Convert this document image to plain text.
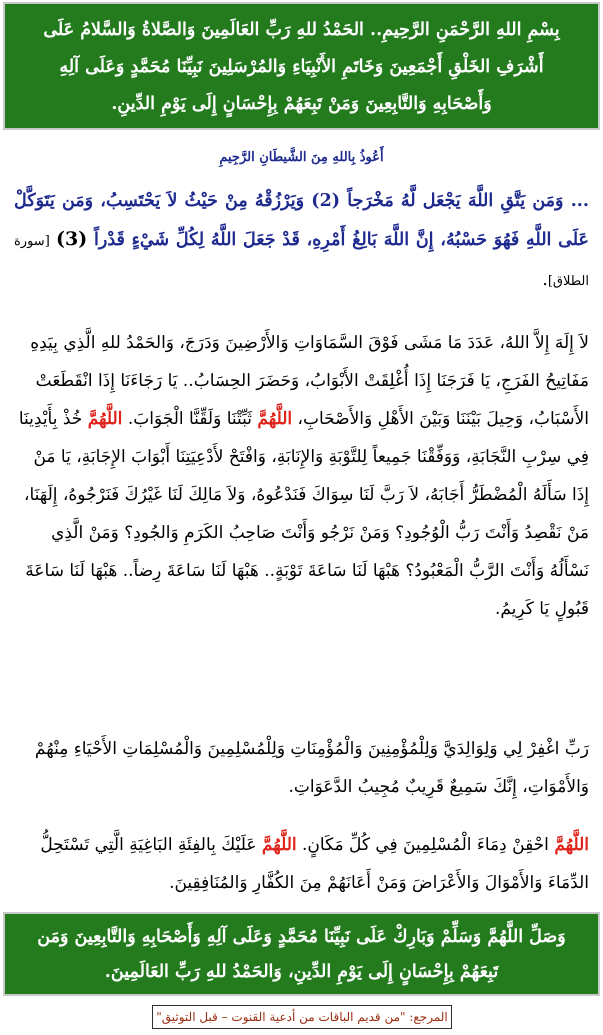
بِسْمِ اللهِ الرَّحْمَنِ الرَّحِيمِ.. الحَمْدُ للهِ رَبِّ العَالَمِينَ وَالصَّلاةُ وَالسَّلامُ عَلَى
أَشْرَفِ الخَلْقِ أَجْمَعِينَ وَخَاتَمِ الأَنْبِيَاءِ وَالمُرْسَلِينَ نَبِيِّنَا مُحَمَّدٍ وَعَلَى آلِهِ
وَأَصْحَابِهِ وَالتَّابِعِينَ وَمَنْ تَبِعَهُمْ بِإِحْسَانٍ إِلَى يَوْمِ الدِّينِ.
أَعُوذُ بِاللهِ مِنَ الشَّيطَانِ الرَّجِيمِ
... وَمَن يَتَّقِ اللَّهَ يَجْعَل لَّهُ مَخْرَجاً (2) وَيَرْزُقْهُ مِنْ حَيْثُ لاَ يَحْتَسِبُ، وَمَن يَتَوَكَّلْ عَلَى اللَّهِ فَهُوَ حَسْبُهُ، إِنَّ اللَّهَ بَالِغُ أَمْرِهِ، قَدْ جَعَلَ اللَّهُ لِكُلِّ شَيْءٍ قَدْراً (3) [سورة الطلاق].
لاَ إِلَهَ إِلاَّ اللهُ، عَدَدَ مَا مَشَى فَوْقَ السَّمَاوَاتِ وَالأَرْضِينَ وَدَرَجَ، وَالحَمْدُ للهِ الَّذِي بِيَدِهِ مَفَاتِيحُ الفَرَجِ، يَا فَرَجَنَا إِذَا أُغْلِقَتْ الأَبْوَابُ، وَحَضَرَ الحِسَابُ.. يَا رَجَاءَنَا إِذَا انْقَطَعَتْ الأَسْبَابُ، وَحِيلَ بَيْنَنَا وَبَيْنَ الأَهْلِ وَالأَصْحَابِ، اللَّهُمَّ ثَبِّتْنَا وَلَقِّنَّا الْجَوَابَ. اللَّهُمَّ خُذْ بِأَيْدِينَا فِي سِرْبِ النَّجَابَةِ، وَوَفِّقْنَا جَمِيعاً لِلتَّوْبَةِ وَالإِنَابَةِ، وَافْتَحْ لأَدْعِيَتِنَا أَبْوَابَ الإِجَابَةِ، يَا مَنْ إِذَا سَأَلَهُ الْمُضْطَرُّ أَجَابَهُ، لاَ رَبَّ لَنَا سِوَاكَ فَنَدْعُوهُ، وَلاَ مَالِكَ لَنَا غَيْرُكَ فَنَرْجُوهُ، إِلَهَنَا، مَنْ نَقْصِدُ وَأَنْتَ رَبُّ الْوُجُودِ؟ وَمَنْ نَرْجُو وَأَنْتَ صَاحِبُ الكَرَمِ وَالجُودِ؟ وَمَنْ الَّذِي نَسْأَلُهُ وَأَنْتَ الرَّبُّ الْمَعْبُودُ؟ هَبْهَا لَنَا سَاعَةَ تَوْبَةٍ.. هَبْهَا لَنَا سَاعَةَ رِضاً.. هَبْهَا لَنَا سَاعَةَ قَبُولٍ يَا كَرِيمُ.
رَبِّ اغْفِرْ لِي وَلِوَالِدَيَّ وَلِلْمُؤْمِنِينَ وَالْمُؤْمِنَاتِ وَلِلْمُسْلِمِينَ وَالْمُسْلِمَاتِ الأَحْيَاءِ مِنْهُمْ وَالأَمْوَاتِ، إِنَّكَ سَمِيعٌ قَرِيبٌ مُجِيبُ الدَّعَوَاتِ.
اللَّهُمَّ احْقِنْ دِمَاءَ الْمُسْلِمِينَ فِي كُلِّ مَكَانٍ. اللَّهُمَّ عَلَيْكَ بِالفِئَةِ البَاغِيَةِ الَّتِي تَسْتَحِلُّ الدِّمَاءَ وَالأَمْوَالَ وَالأَعْرَاضَ وَمَنْ أَعَانَهُمْ مِنَ الكُفَّارِ وَالمُنَافِقِينَ.
وَصَلِّ اللَّهُمَّ وَسَلِّمْ وَبَارِكْ عَلَى نَبِيِّنَا مُحَمَّدٍ وَعَلَى آلِهِ وَأَصْحَابِهِ وَالتَّابِعِينَ وَمَن
تَبِعَهُمْ بِإِحْسَانٍ إِلَى يَوْمِ الدِّينِ، وَالحَمْدُ للهِ رَبِّ العَالَمِينَ.
المرجع: "من قديم الباقات من أدعية القنوت – قبل التوثيق"
